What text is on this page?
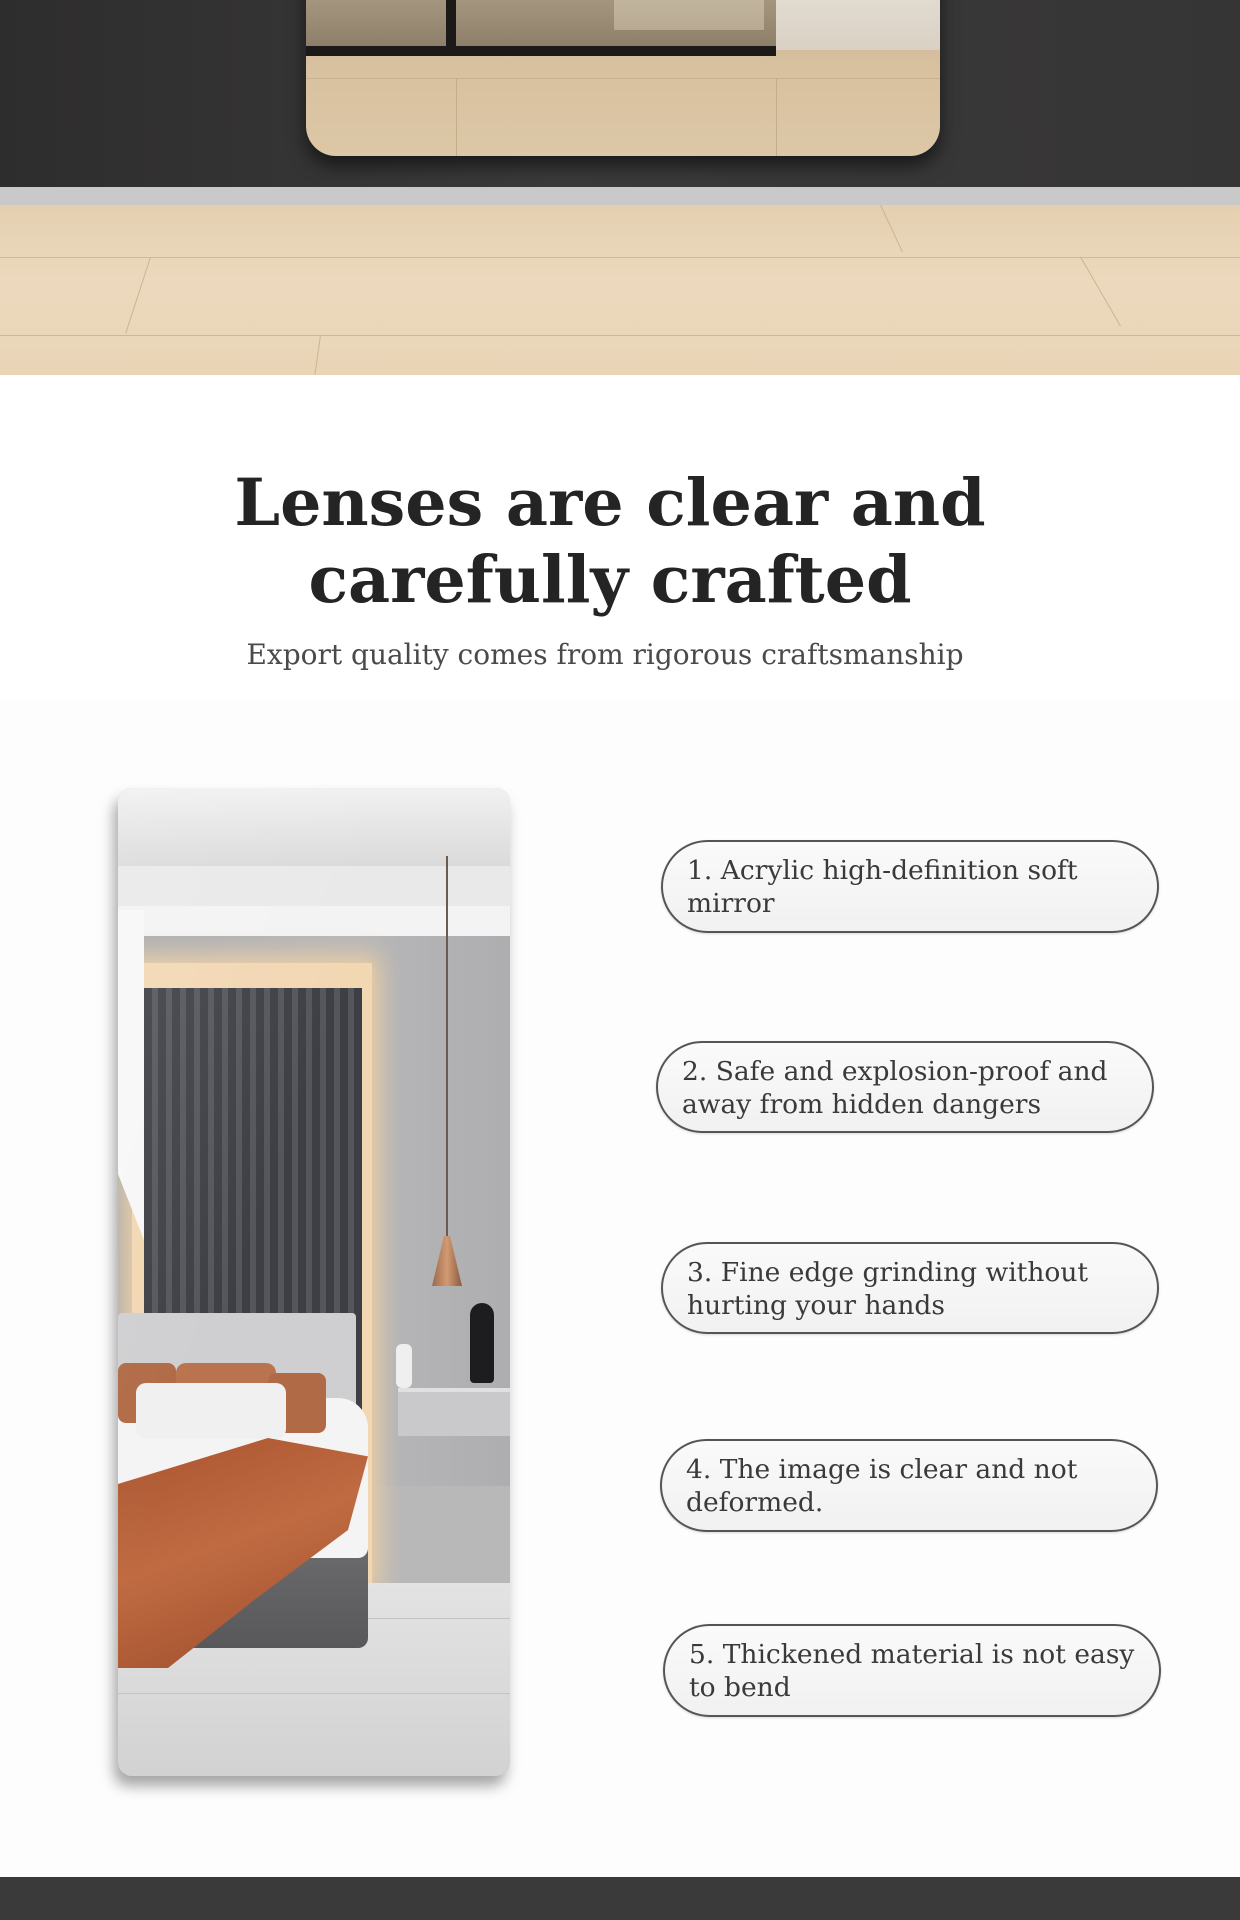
Lenses are clear and
carefully crafted

Export quality comes from rigorous craftsmanship

1. Acrylic high-definition soft
mirror
2. Safe and explosion-proof and
away from hidden dangers
3. Fine edge grinding without
hurting your hands
4. The image is clear and not
deformed.
5. Thickened material is not easy
to bend
